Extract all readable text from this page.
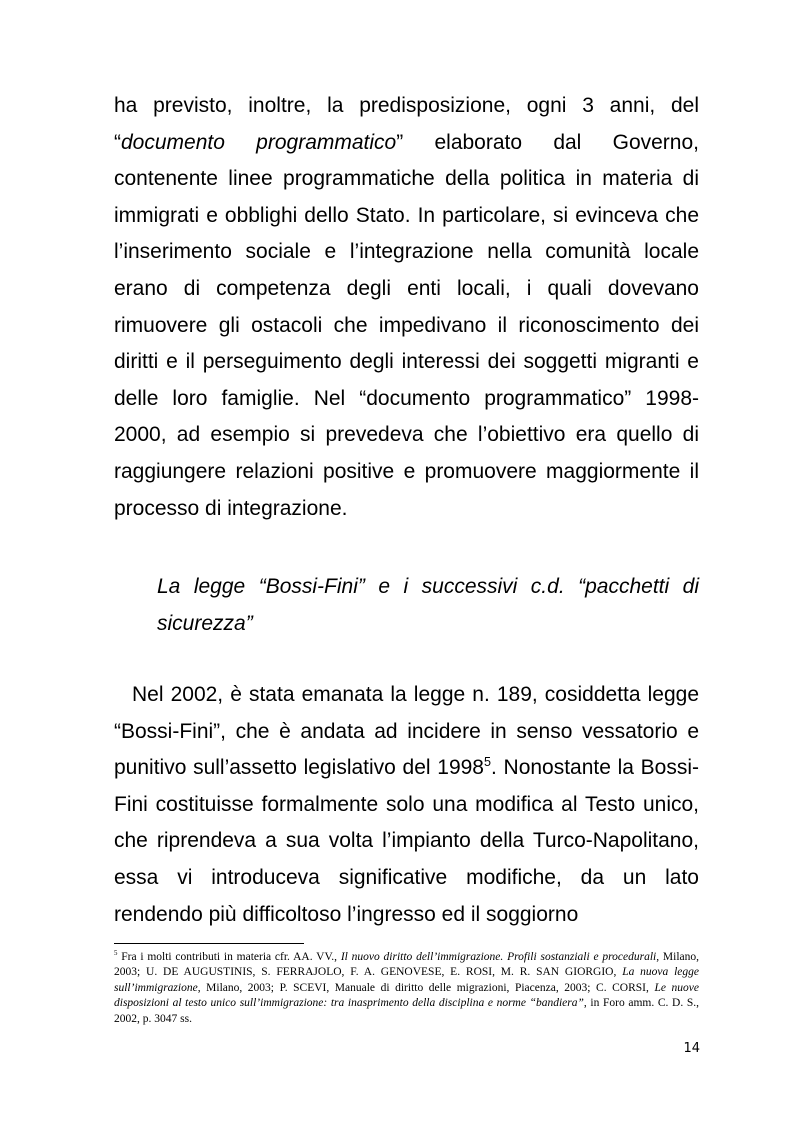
ha previsto, inoltre, la predisposizione, ogni 3 anni, del “documento programmatico” elaborato dal Governo, contenente linee programmatiche della politica in materia di immigrati e obblighi dello Stato. In particolare, si evinceva che l’inserimento sociale e l’integrazione nella comunità locale erano di competenza degli enti locali, i quali dovevano rimuovere gli ostacoli che impedivano il riconoscimento dei diritti e il perseguimento degli interessi dei soggetti migranti e delle loro famiglie. Nel “documento programmatico” 1998-2000, ad esempio si prevedeva che l’obiettivo era quello di raggiungere relazioni positive e promuovere maggiormente il processo di integrazione.

La legge “Bossi-Fini” e i successivi c.d. “pacchetti di sicurezza”

Nel 2002, è stata emanata la legge n. 189, cosiddetta legge “Bossi-Fini”, che è andata ad incidere in senso vessatorio e punitivo sull’assetto legislativo del 1998$^5$. Nonostante la Bossi-Fini costituisse formalmente solo una modifica al Testo unico, che riprendeva a sua volta l’impianto della Turco-Napolitano, essa vi introduceva significative modifiche, da un lato rendendo più difficoltoso l’ingresso ed il soggiorno

$^5$ Fra i molti contributi in materia cfr. AA. VV., Il nuovo diritto dell’immigrazione. Profili sostanziali e procedurali, Milano, 2003; U. DE AUGUSTINIS, S. FERRAJOLO, F. A. GENOVESE, E. ROSI, M. R. SAN GIORGIO, La nuova legge sull’immigrazione, Milano, 2003; P. SCEVI, Manuale di diritto delle migrazioni, Piacenza, 2003; C. CORSI, Le nuove disposizioni al testo unico sull’immigrazione: tra inasprimento della disciplina e norme “bandiera”, in Foro amm. C. D. S., 2002, p. 3047 ss.

14
